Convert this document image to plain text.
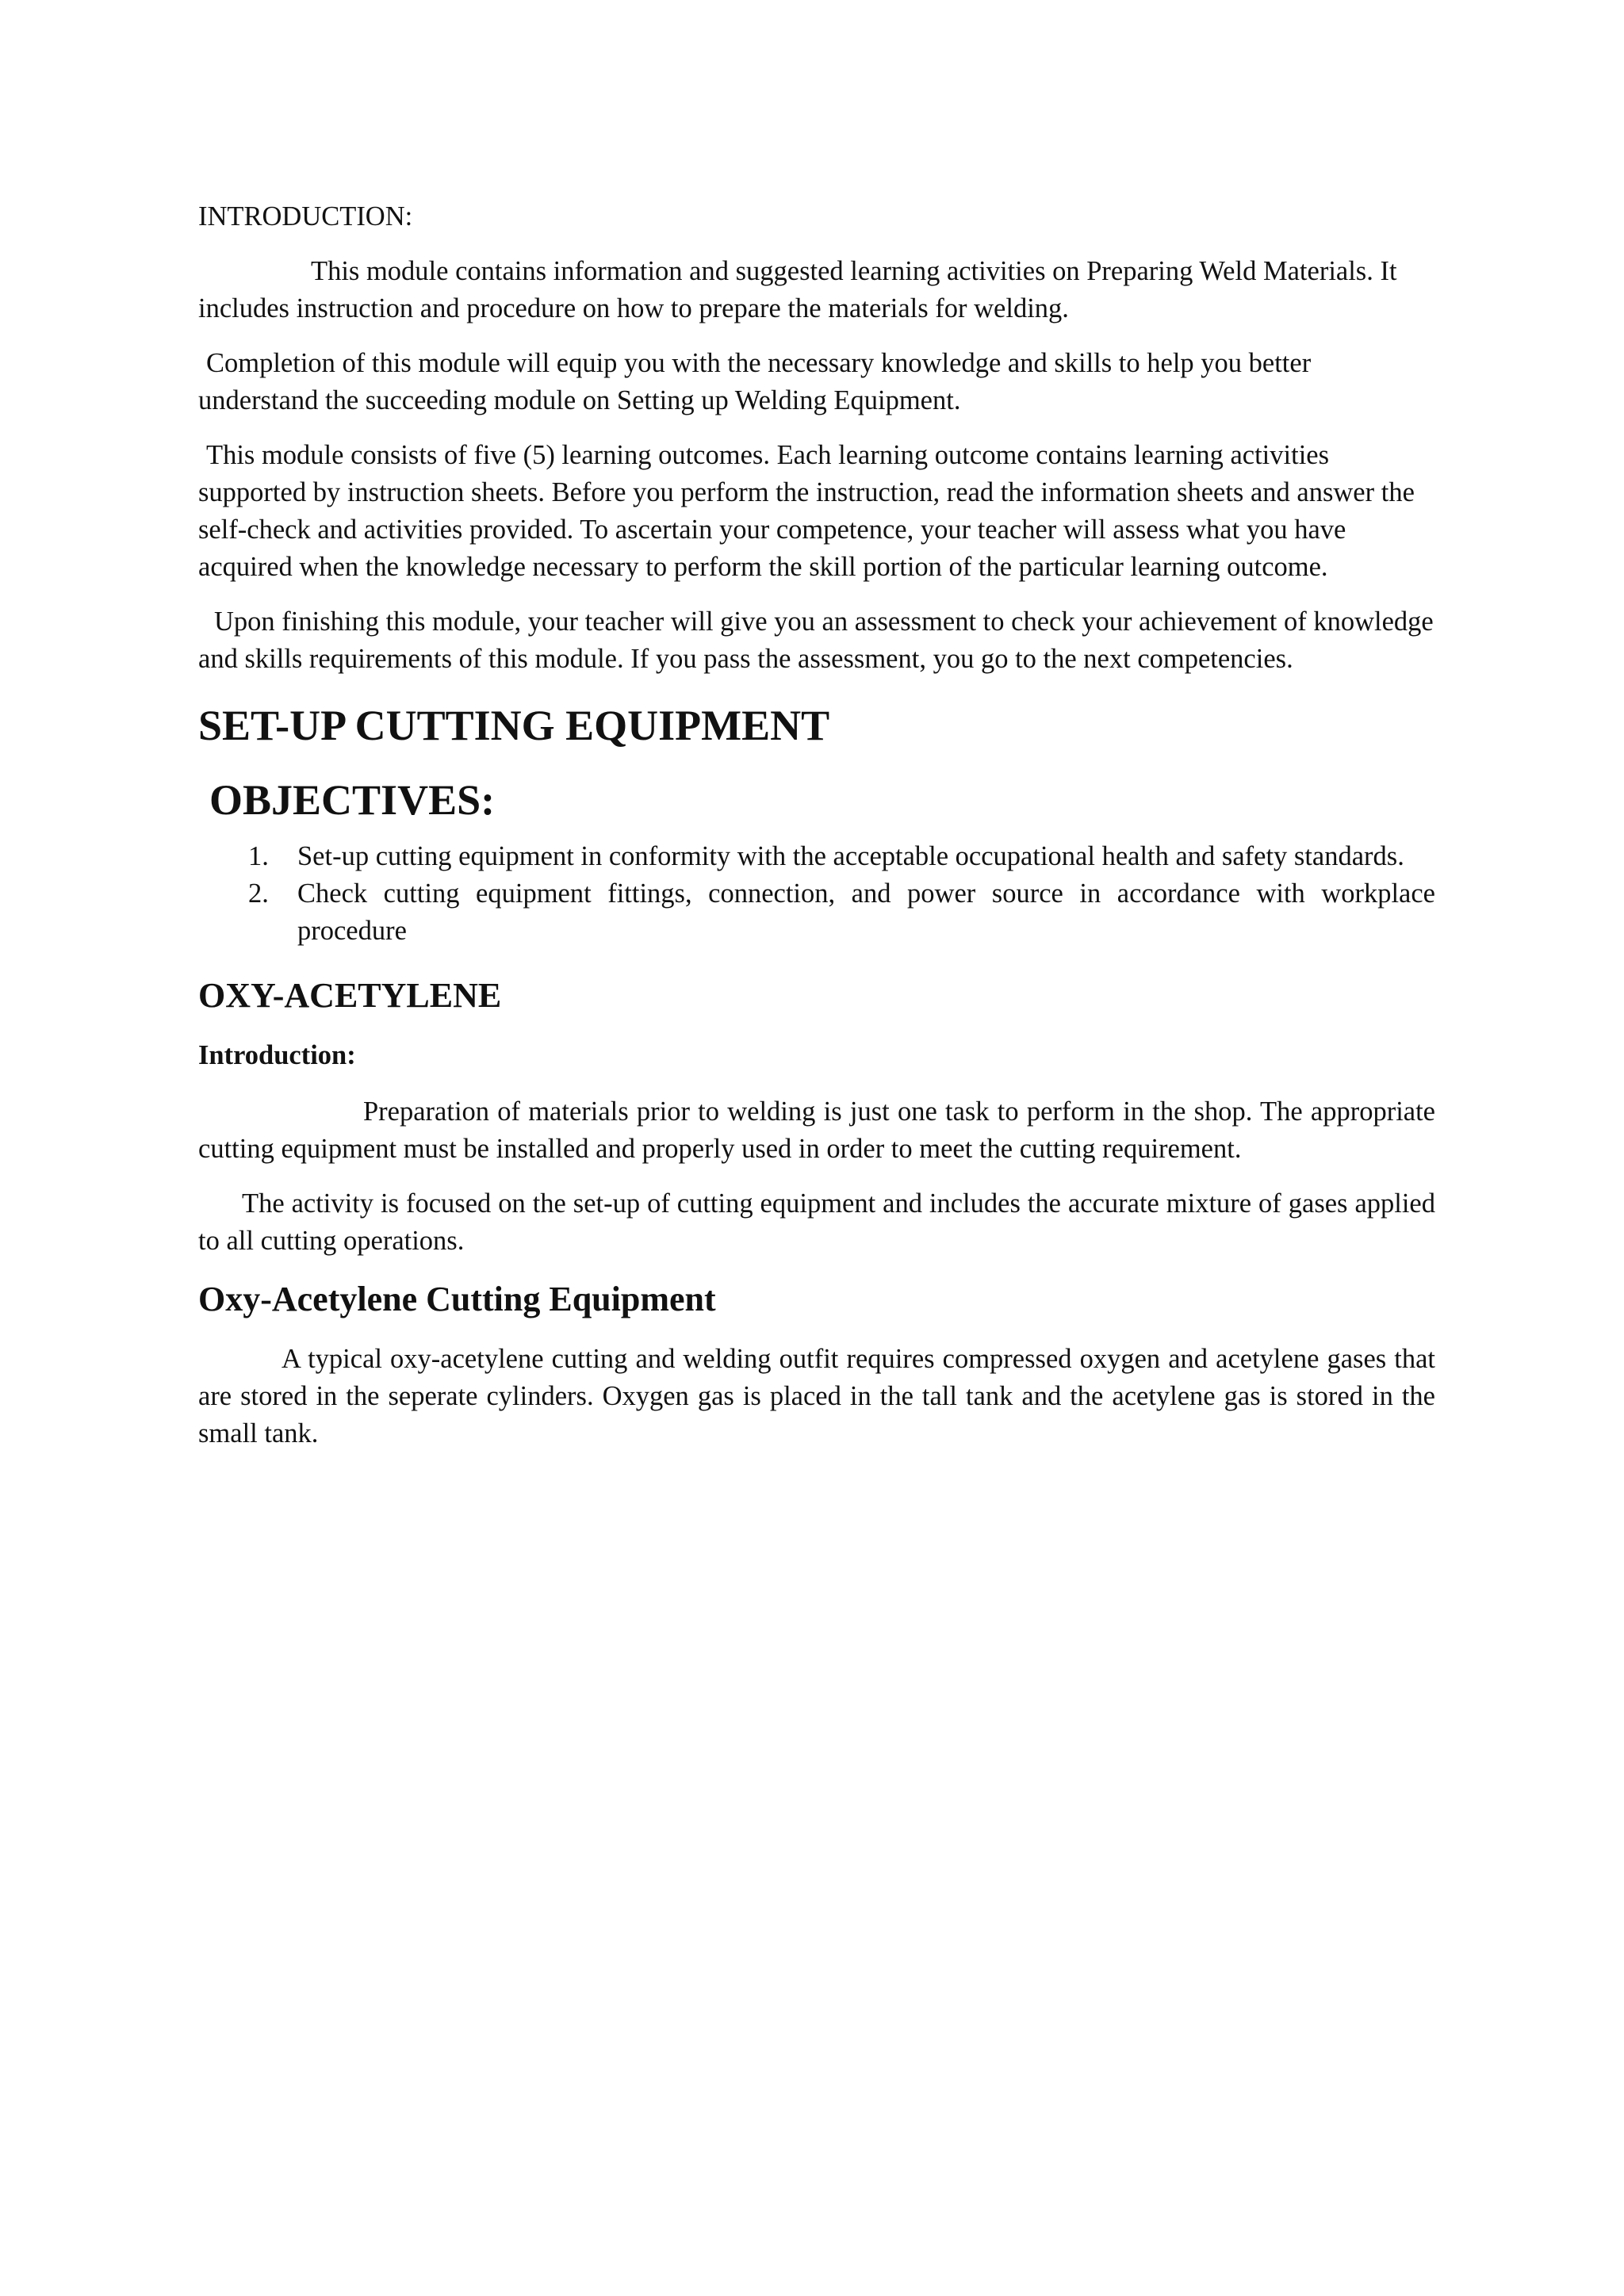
INTRODUCTION:

This module contains information and suggested learning activities on Preparing Weld Materials. It includes instruction and procedure on how to prepare the materials for welding.

Completion of this module will equip you with the necessary knowledge and skills to help you better understand the succeeding module on Setting up Welding Equipment.

This module consists of five (5) learning outcomes. Each learning outcome contains learning activities supported by instruction sheets. Before you perform the instruction, read the information sheets and answer the self-check and activities provided. To ascertain your competence, your teacher will assess what you have acquired when the knowledge necessary to perform the skill portion of the particular learning outcome.

Upon finishing this module, your teacher will give you an assessment to check your achievement of knowledge and skills requirements of this module. If you pass the assessment, you go to the next competencies.

SET-UP CUTTING EQUIPMENT
OBJECTIVES:
1. Set-up cutting equipment in conformity with the acceptable occupational health and safety standards.
2. Check cutting equipment fittings, connection, and power source in accordance with workplace procedure
OXY-ACETYLENE
Introduction:

Preparation of materials prior to welding is just one task to perform in the shop. The appropriate cutting equipment must be installed and properly used in order to meet the cutting requirement.

The activity is focused on the set-up of cutting equipment and includes the accurate mixture of gases applied to all cutting operations.

Oxy-Acetylene Cutting Equipment

A typical oxy-acetylene cutting and welding outfit requires compressed oxygen and acetylene gases that are stored in the seperate cylinders. Oxygen gas is placed in the tall tank and the acetylene gas is stored in the small tank.
